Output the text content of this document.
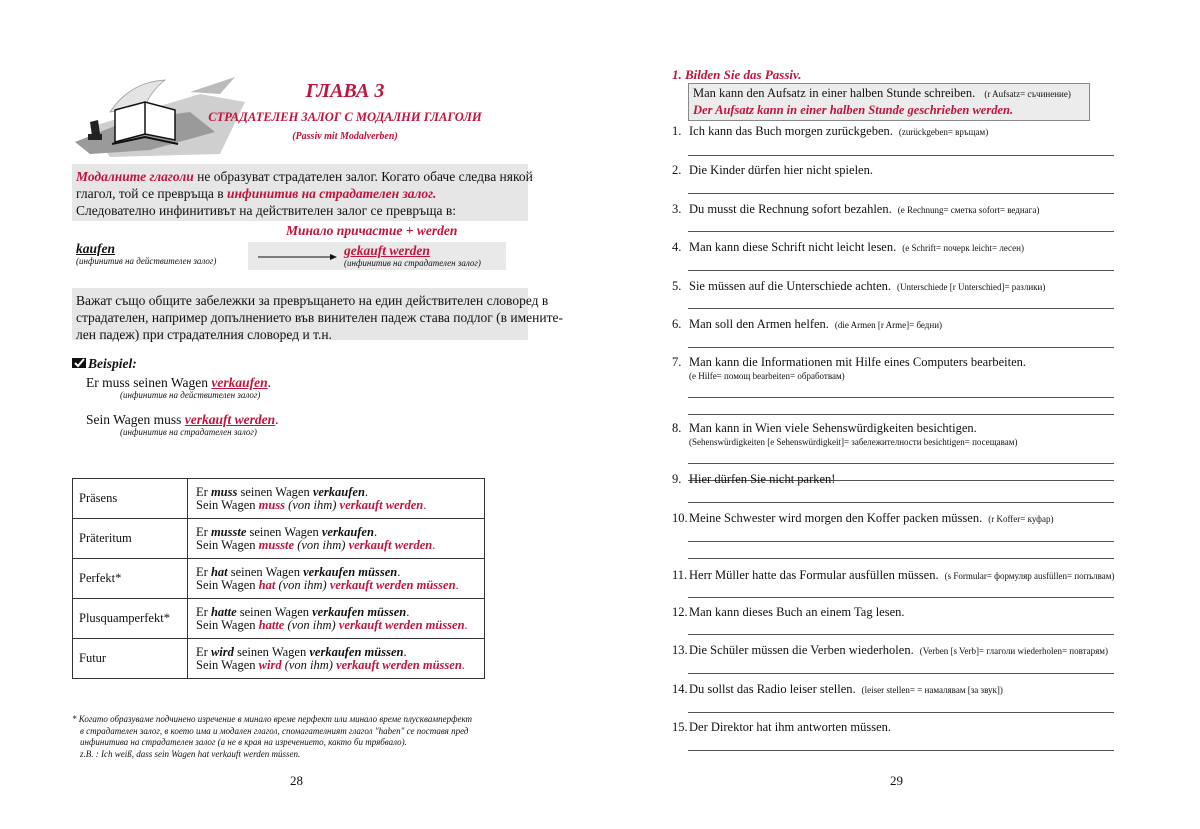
ГЛАВА 3
СТРАДАТЕЛЕН ЗАЛОГ С МОДАЛНИ ГЛАГОЛИ
(Passiv mit Modalverben)
Модалните глаголи не образуват страдателен залог. Когато обаче следва някой
глагол, той се превръща в инфинитив на страдателен залог.
Следователно инфинитивът на действителен залог се превръща в:
Минало причастие + werden
kaufen
(инфинитив на действителен залог)
gekauft werden
(инфинитив на страдателен залог)
Важат също общите забележки за превръщането на един действителен словоред в
страдателен, например допълнението във винителен падеж става подлог (в имените-
лен падеж) при страдателния словоред и т.н.
Beispiel:
Er muss seinen Wagen verkaufen.
(инфинитив на действителен залог)
Sein Wagen muss verkauft werden.
(инфинитив на страдателен залог)
Präsens	Er muss seinen Wagen verkaufen.
Sein Wagen muss (von ihm) verkauft werden.

Präteritum	Er musste seinen Wagen verkaufen.
Sein Wagen musste (von ihm) verkauft werden.

Perfekt*	Er hat seinen Wagen verkaufen müssen.
Sein Wagen hat (von ihm) verkauft werden müssen.

Plusquamperfekt*	Er hatte seinen Wagen verkaufen müssen.
Sein Wagen hatte (von ihm) verkauft werden müssen.

Futur	Er wird seinen Wagen verkaufen müssen.
Sein Wagen wird (von ihm) verkauft werden müssen.
* Когато образуваме подчинено изречение в минало време перфект или минало време плусквамперфект
в страдателен залог, в което има и модален глагол, спомагателният глагол "haben" се поставя пред
инфинитива на страдателен залог (а не в края на изречението, както би трябвало).
z.B. : Ich weiß, dass sein Wagen hat verkauft werden müssen.
28
1. Bilden Sie das Passiv.
Man kann den Aufsatz in einer halben Stunde schreiben. (r Aufsatz= съчинение)
Der Aufsatz kann in einer halben Stunde geschrieben werden.
1. Ich kann das Buch morgen zurückgeben. (zurückgeben= връщам)
2. Die Kinder dürfen hier nicht spielen.
3. Du musst die Rechnung sofort bezahlen. (e Rechnung= сметка sofort= веднага)
4. Man kann diese Schrift nicht leicht lesen. (e Schrift= почерк leicht= лесен)
5. Sie müssen auf die Unterschiede achten. (Unterschiede [r Unterschied]= разлики)
6. Man soll den Armen helfen. (die Armen [r Arme]= бедни)
7. Man kann die Informationen mit Hilfe eines Computers bearbeiten.
(e Hilfe= помощ bearbeiten= обработвам)
8. Man kann in Wien viele Sehenswürdigkeiten besichtigen.
(Sehenswürdigkeiten [e Sehenswürdigkeit]= забележителности besichtigen= посещавам)
9. Hier dürfen Sie nicht parken!
10.Meine Schwester wird morgen den Koffer packen müssen. (r Koffer= куфар)
11. Herr Müller hatte das Formular ausfüllen müssen. (s Formular= формуляр ausfüllen= попълвам)
12.Man kann dieses Buch an einem Tag lesen.
13.Die Schüler müssen die Verben wiederholen. (Verben [s Verb]= глаголи wiederholen= повтарям)
14.Du sollst das Radio leiser stellen. (leiser stellen= = намалявам [за звук])
15.Der Direktor hat ihm antworten müssen.
29
